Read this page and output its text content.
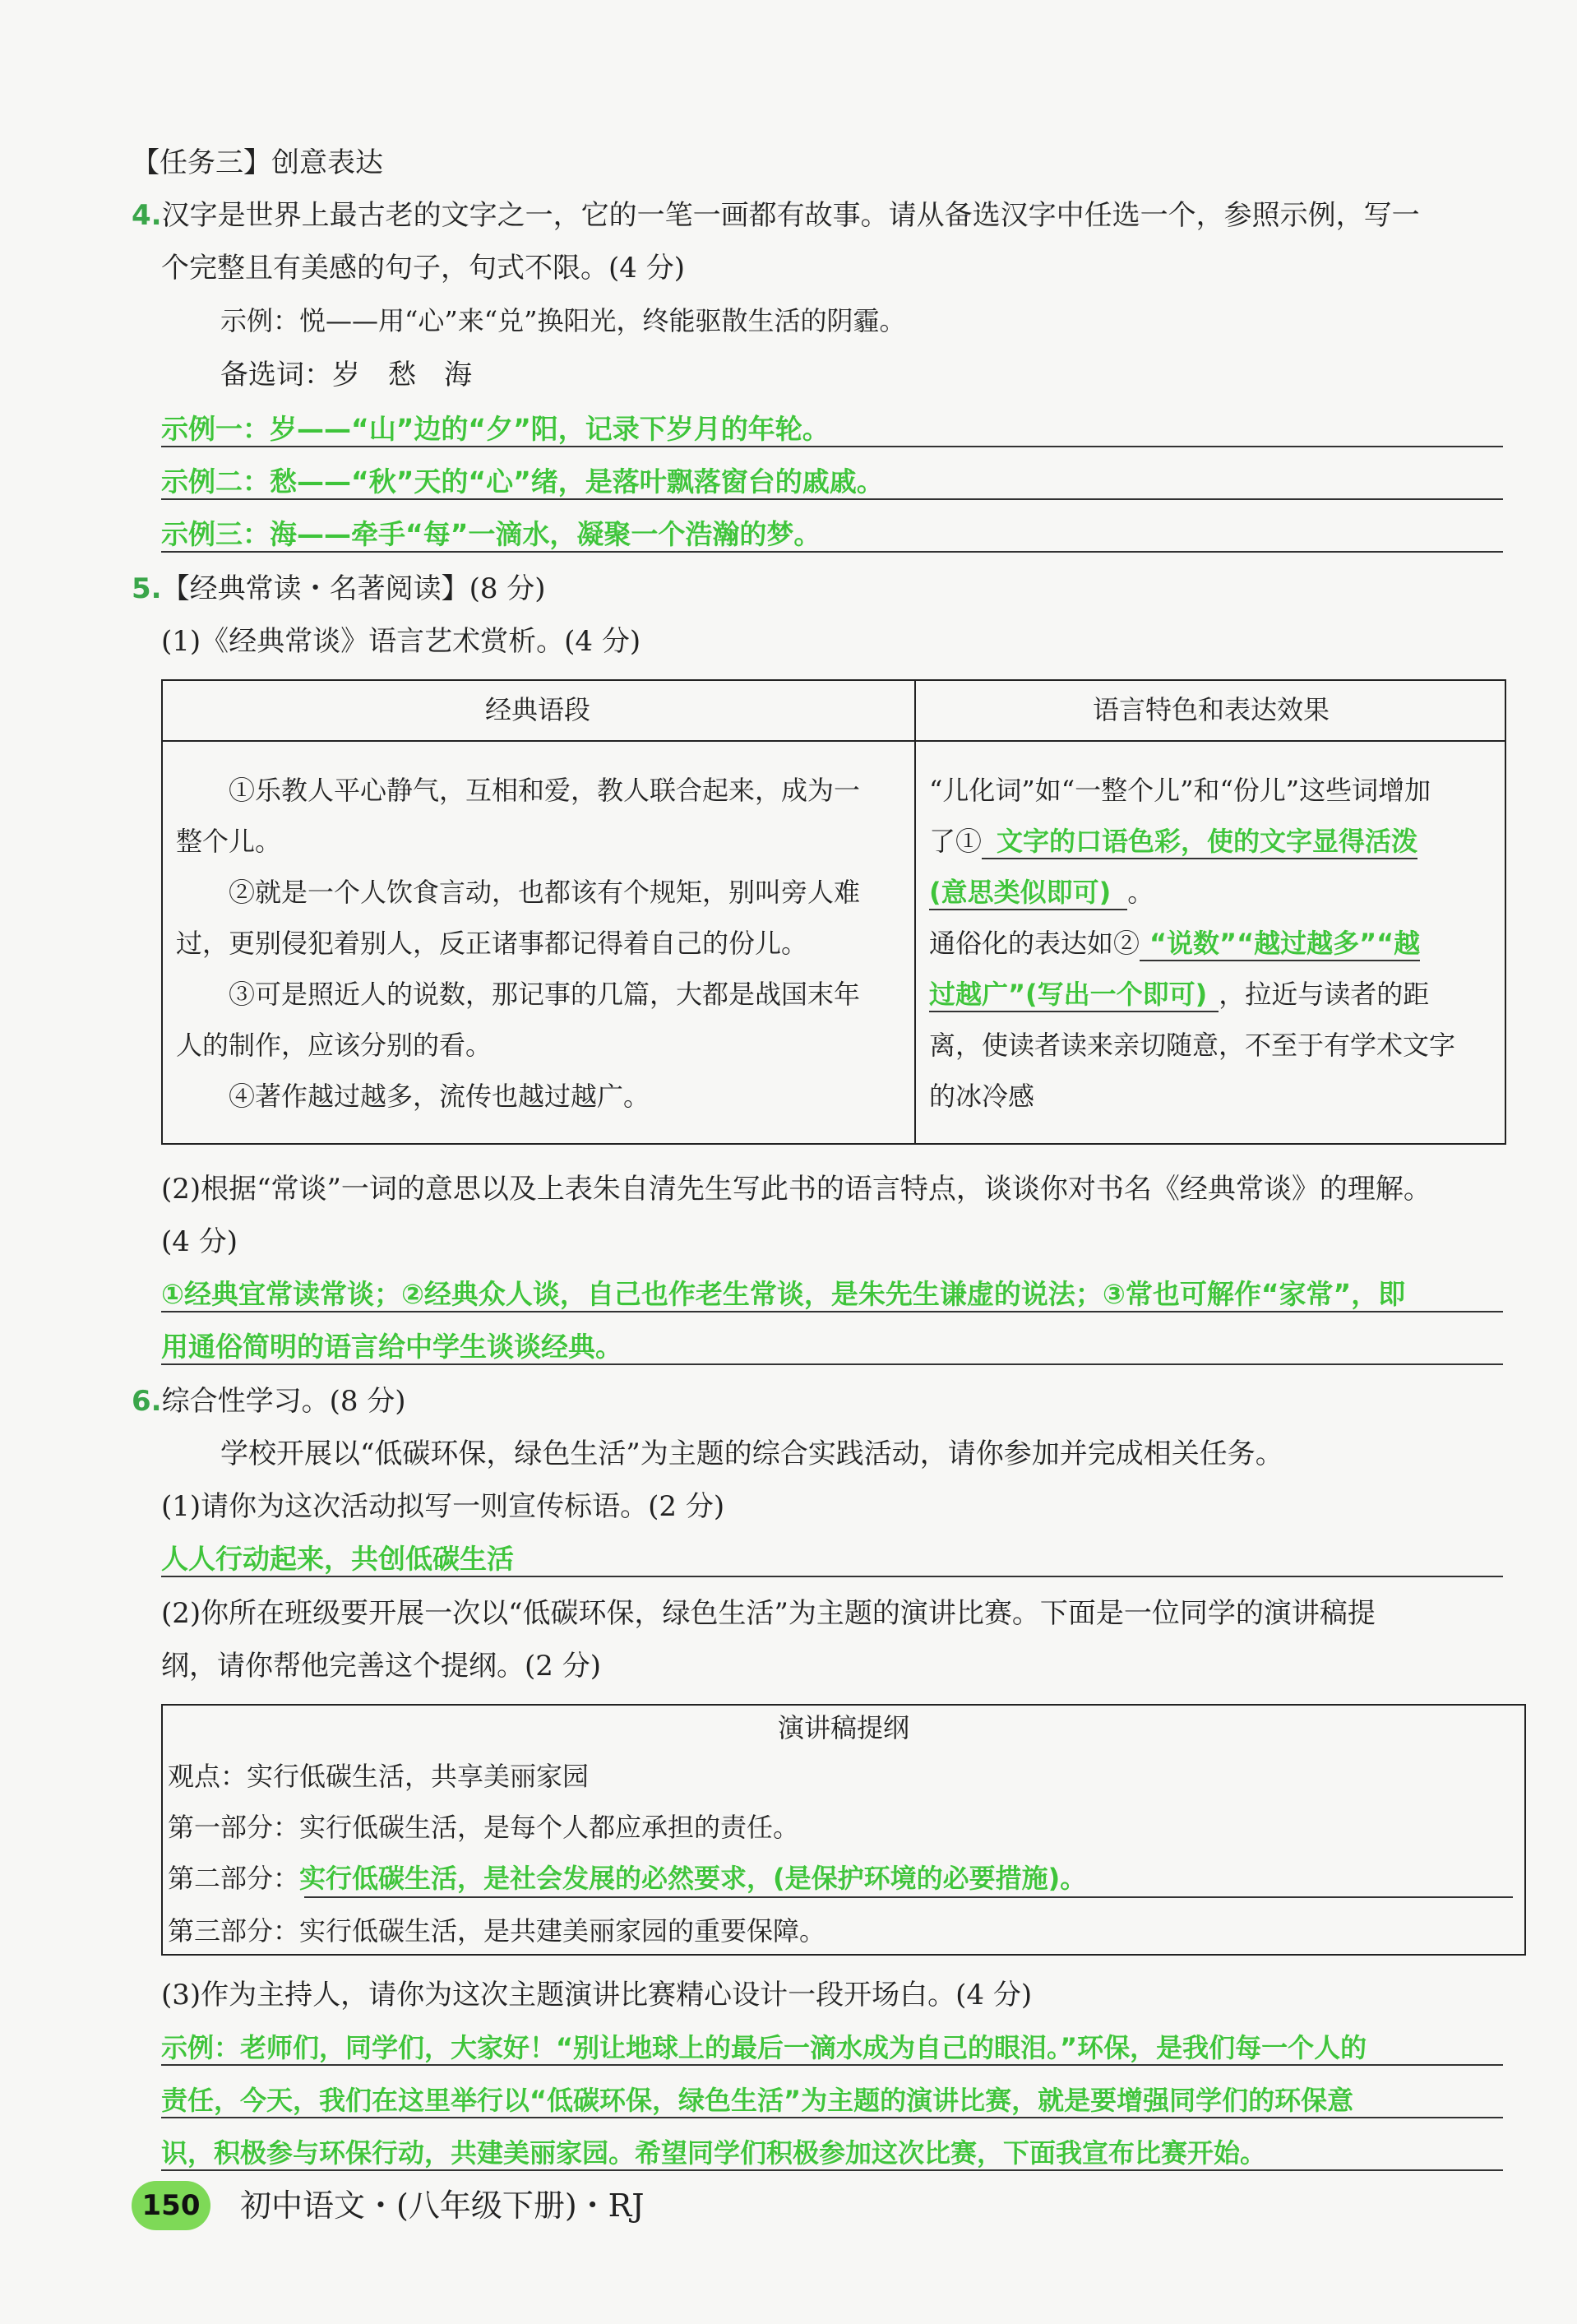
【任务三】创意表达
4.汉字是世界上最古老的文字之一，它的一笔一画都有故事。请从备选汉字中任选一个，参照示例，写一
个完整且有美感的句子，句式不限。(4 分)
示例：悦——用“心”来“兑”换阳光，终能驱散生活的阴霾。
备选词：岁　愁　海
示例一：岁——“山”边的“夕”阳，记录下岁月的年轮。
示例二：愁——“秋”天的“心”绪，是落叶飘落窗台的戚戚。
示例三：海——牵手“每”一滴水，凝聚一个浩瀚的梦。
5.【经典常读・名著阅读】(8 分)
(1)《经典常谈》语言艺术赏析。(4 分)
经典语段	语言特色和表达效果
　　①乐教人平心静气，互相和爱，教人联合起来，成为一
整个儿。
　　②就是一个人饮食言动，也都该有个规矩，别叫旁人难
过，更别侵犯着别人，反正诸事都记得着自己的份儿。
　　③可是照近人的说数，那记事的几篇，大都是战国末年
人的制作，应该分别的看。
　　④著作越过越多，流传也越过越广。
“儿化词”如“一整个儿”和“份儿”这些词增加
了① 文字的口语色彩，使的文字显得活泼
(意思类似即可) 。
通俗化的表达如② “说数”“越过越多”“越
过越广”(写出一个即可) ，拉近与读者的距
离，使读者读来亲切随意，不至于有学术文字
的冰冷感
(2)根据“常谈”一词的意思以及上表朱自清先生写此书的语言特点，谈谈你对书名《经典常谈》的理解。
(4 分)
①经典宜常读常谈；②经典众人谈，自己也作老生常谈，是朱先生谦虚的说法；③常也可解作“家常”，即
用通俗简明的语言给中学生谈谈经典。
6.综合性学习。(8 分)
学校开展以“低碳环保，绿色生活”为主题的综合实践活动，请你参加并完成相关任务。
(1)请你为这次活动拟写一则宣传标语。(2 分)
人人行动起来，共创低碳生活
(2)你所在班级要开展一次以“低碳环保，绿色生活”为主题的演讲比赛。下面是一位同学的演讲稿提
纲，请你帮他完善这个提纲。(2 分)
演讲稿提纲
观点：实行低碳生活，共享美丽家园
第一部分：实行低碳生活，是每个人都应承担的责任。
第二部分：实行低碳生活，是社会发展的必然要求，(是保护环境的必要措施)。
第三部分：实行低碳生活，是共建美丽家园的重要保障。
(3)作为主持人，请你为这次主题演讲比赛精心设计一段开场白。(4 分)
示例：老师们，同学们，大家好！“别让地球上的最后一滴水成为自己的眼泪。”环保，是我们每一个人的
责任，今天，我们在这里举行以“低碳环保，绿色生活”为主题的演讲比赛，就是要增强同学们的环保意
识，积极参与环保行动，共建美丽家园。希望同学们积极参加这次比赛，下面我宣布比赛开始。
150	初中语文・(八年级下册)・RJ
